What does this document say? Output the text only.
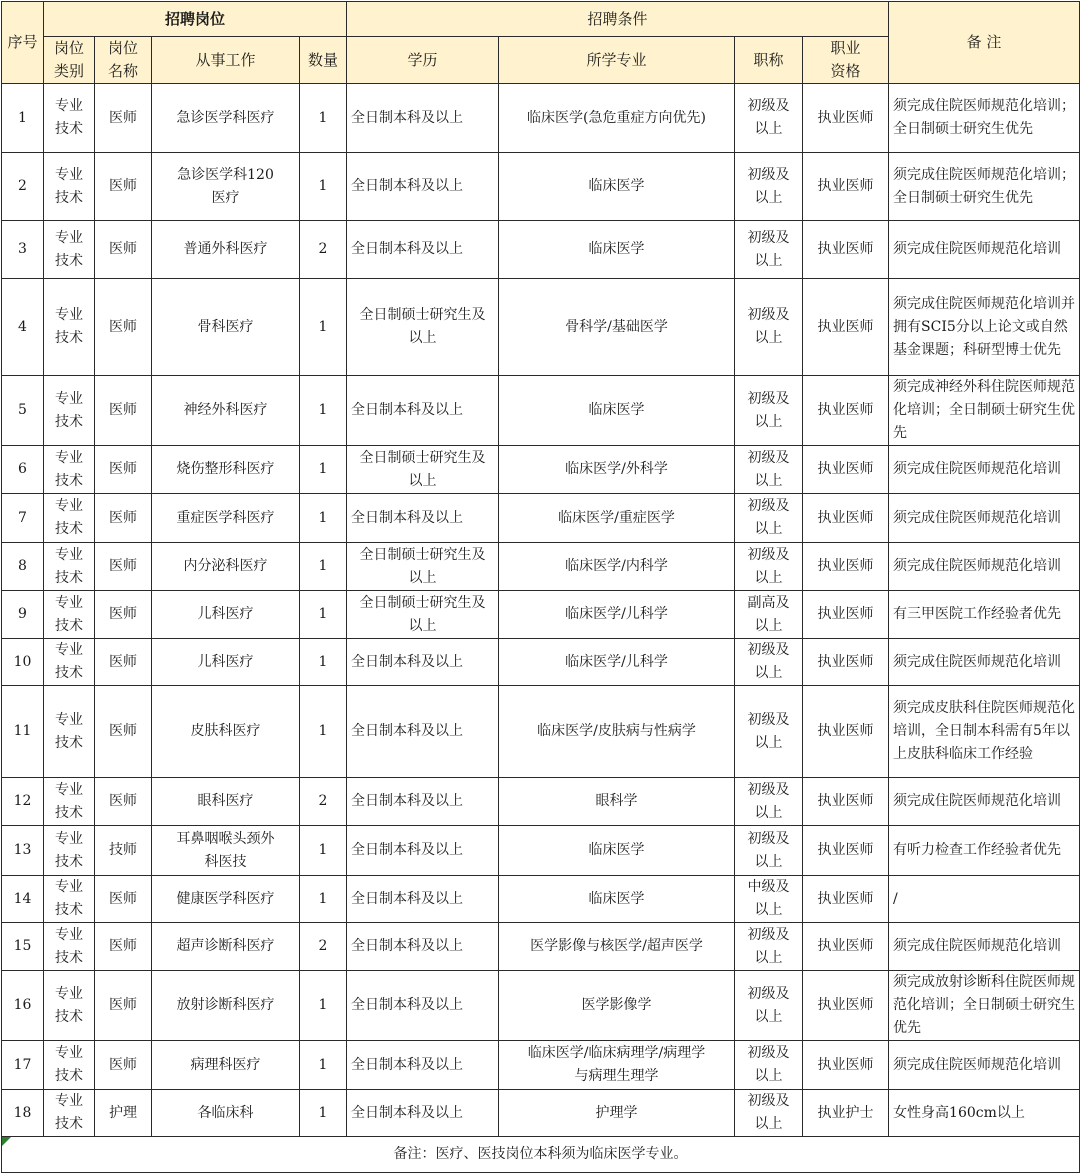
序号	招聘岗位				招聘条件				备 注
	岗位类别	岗位名称	从事工作	数量	学历	所学专业	职称	职业资格	
1	专业技术	医师	急诊医学科医疗	1	全日制本科及以上	临床医学(急危重症方向优先)	初级及以上	执业医师	须完成住院医师规范化培训；全日制硕士研究生优先
2	专业技术	医师	急诊医学科120医疗	1	全日制本科及以上	临床医学	初级及以上	执业医师	须完成住院医师规范化培训；全日制硕士研究生优先
3	专业技术	医师	普通外科医疗	2	全日制本科及以上	临床医学	初级及以上	执业医师	须完成住院医师规范化培训
4	专业技术	医师	骨科医疗	1	全日制硕士研究生及以上	骨科学/基础医学	初级及以上	执业医师	须完成住院医师规范化培训并拥有SCI5分以上论文或自然基金课题；科研型博士优先
5	专业技术	医师	神经外科医疗	1	全日制本科及以上	临床医学	初级及以上	执业医师	须完成神经外科住院医师规范化培训；全日制硕士研究生优先
6	专业技术	医师	烧伤整形科医疗	1	全日制硕士研究生及以上	临床医学/外科学	初级及以上	执业医师	须完成住院医师规范化培训
7	专业技术	医师	重症医学科医疗	1	全日制本科及以上	临床医学/重症医学	初级及以上	执业医师	须完成住院医师规范化培训
8	专业技术	医师	内分泌科医疗	1	全日制硕士研究生及以上	临床医学/内科学	初级及以上	执业医师	须完成住院医师规范化培训
9	专业技术	医师	儿科医疗	1	全日制硕士研究生及以上	临床医学/儿科学	副高及以上	执业医师	有三甲医院工作经验者优先
10	专业技术	医师	儿科医疗	1	全日制本科及以上	临床医学/儿科学	初级及以上	执业医师	须完成住院医师规范化培训
11	专业技术	医师	皮肤科医疗	1	全日制本科及以上	临床医学/皮肤病与性病学	初级及以上	执业医师	须完成皮肤科住院医师规范化培训，全日制本科需有5年以上皮肤科临床工作经验
12	专业技术	医师	眼科医疗	2	全日制本科及以上	眼科学	初级及以上	执业医师	须完成住院医师规范化培训
13	专业技术	技师	耳鼻咽喉头颈外科医技	1	全日制本科及以上	临床医学	初级及以上	执业医师	有听力检查工作经验者优先
14	专业技术	医师	健康医学科医疗	1	全日制本科及以上	临床医学	中级及以上	执业医师	/
15	专业技术	医师	超声诊断科医疗	2	全日制本科及以上	医学影像与核医学/超声医学	初级及以上	执业医师	须完成住院医师规范化培训
16	专业技术	医师	放射诊断科医疗	1	全日制本科及以上	医学影像学	初级及以上	执业医师	须完成放射诊断科住院医师规范化培训；全日制硕士研究生优先
17	专业技术	医师	病理科医疗	1	全日制本科及以上	临床医学/临床病理学/病理学与病理生理学	初级及以上	执业医师	须完成住院医师规范化培训
18	专业技术	护理	各临床科	1	全日制本科及以上	护理学	初级及以上	执业护士	女性身高160cm以上

备注：医疗、医技岗位本科须为临床医学专业。									
